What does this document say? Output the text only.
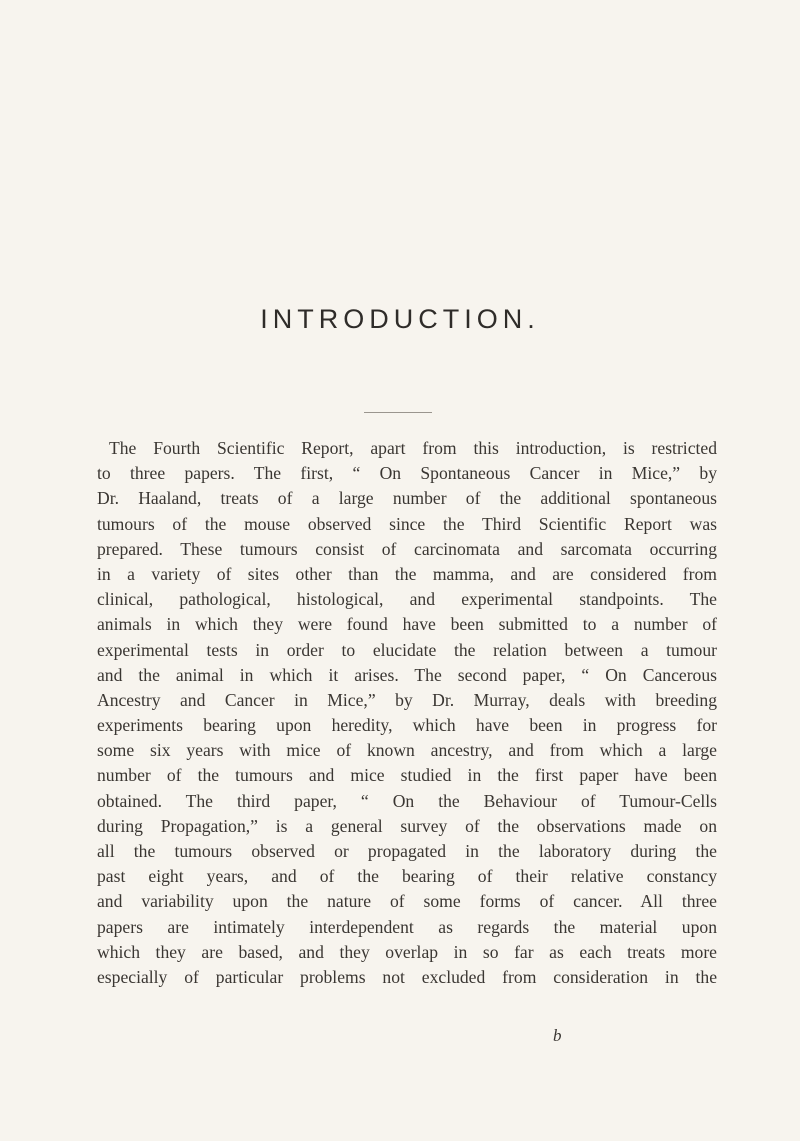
INTRODUCTION.
The Fourth Scientific Report, apart from this introduction, is restricted
to three papers. The first, “ On Spontaneous Cancer in Mice,” by
Dr. Haaland, treats of a large number of the additional spontaneous
tumours of the mouse observed since the Third Scientific Report was
prepared. These tumours consist of carcinomata and sarcomata occurring
in a variety of sites other than the mamma, and are considered from
clinical, pathological, histological, and experimental standpoints. The
animals in which they were found have been submitted to a number of
experimental tests in order to elucidate the relation between a tumour
and the animal in which it arises. The second paper, “ On Cancerous
Ancestry and Cancer in Mice,” by Dr. Murray, deals with breeding
experiments bearing upon heredity, which have been in progress for
some six years with mice of known ancestry, and from which a large
number of the tumours and mice studied in the first paper have been
obtained. The third paper, “ On the Behaviour of Tumour-Cells
during Propagation,” is a general survey of the observations made on
all the tumours observed or propagated in the laboratory during the
past eight years, and of the bearing of their relative constancy
and variability upon the nature of some forms of cancer. All three
papers are intimately interdependent as regards the material upon
which they are based, and they overlap in so far as each treats more
especially of particular problems not excluded from consideration in the
b
